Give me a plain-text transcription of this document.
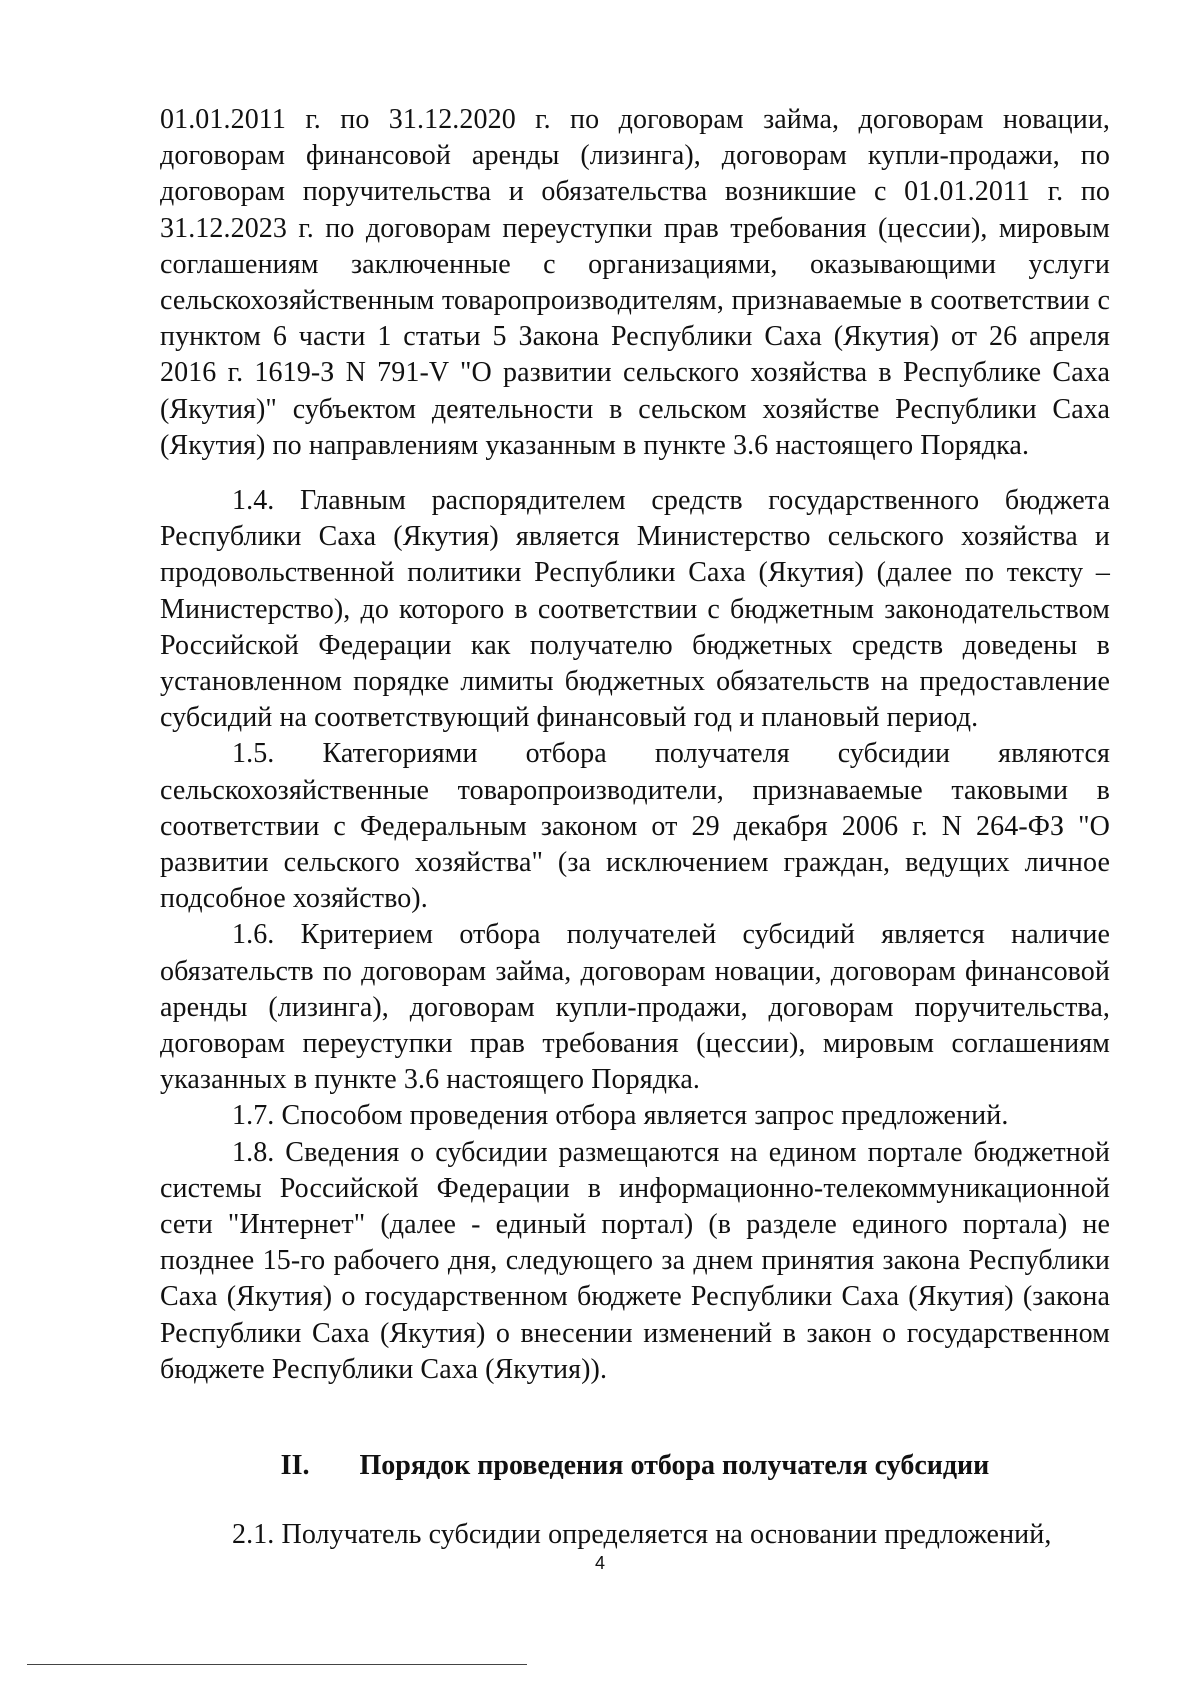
01.01.2011 г. по 31.12.2020 г. по договорам займа, договорам новации, договорам финансовой аренды (лизинга), договорам купли-продажи, по договорам поручительства и обязательства возникшие с 01.01.2011 г. по 31.12.2023 г. по договорам переуступки прав требования (цессии), мировым соглашениям заключенные с организациями, оказывающими услуги сельскохозяйственным товаропроизводителям, признаваемые в соответствии с пунктом 6 части 1 статьи 5 Закона Республики Саха (Якутия) от 26 апреля 2016 г. 1619-З N 791-V "О развитии сельского хозяйства в Республике Саха (Якутия)" субъектом деятельности в сельском хозяйстве Республики Саха (Якутия) по направлениям указанным в пункте 3.6 настоящего Порядка.

1.4. Главным распорядителем средств государственного бюджета Республики Саха (Якутия) является Министерство сельского хозяйства и продовольственной политики Республики Саха (Якутия) (далее по тексту – Министерство), до которого в соответствии с бюджетным законодательством Российской Федерации как получателю бюджетных средств доведены в установленном порядке лимиты бюджетных обязательств на предоставление субсидий на соответствующий финансовый год и плановый период.

1.5. Категориями отбора получателя субсидии являются сельскохозяйственные товаропроизводители, признаваемые таковыми в соответствии с Федеральным законом от 29 декабря 2006 г. N 264-ФЗ "О развитии сельского хозяйства" (за исключением граждан, ведущих личное подсобное хозяйство).

1.6. Критерием отбора получателей субсидий является наличие обязательств по договорам займа, договорам новации, договорам финансовой аренды (лизинга), договорам купли-продажи, договорам поручительства, договорам переуступки прав требования (цессии), мировым соглашениям указанных в пункте 3.6 настоящего Порядка.

1.7. Способом проведения отбора является запрос предложений.

1.8. Сведения о субсидии размещаются на едином портале бюджетной системы Российской Федерации в информационно-телекоммуникационной сети "Интернет" (далее - единый портал) (в разделе единого портала) не позднее 15-го рабочего дня, следующего за днем принятия закона Республики Саха (Якутия) о государственном бюджете Республики Саха (Якутия) (закона Республики Саха (Якутия) о внесении изменений в закон о государственном бюджете Республики Саха (Якутия)).

II. Порядок проведения отбора получателя субсидии

2.1. Получатель субсидии определяется на основании предложений,

4
